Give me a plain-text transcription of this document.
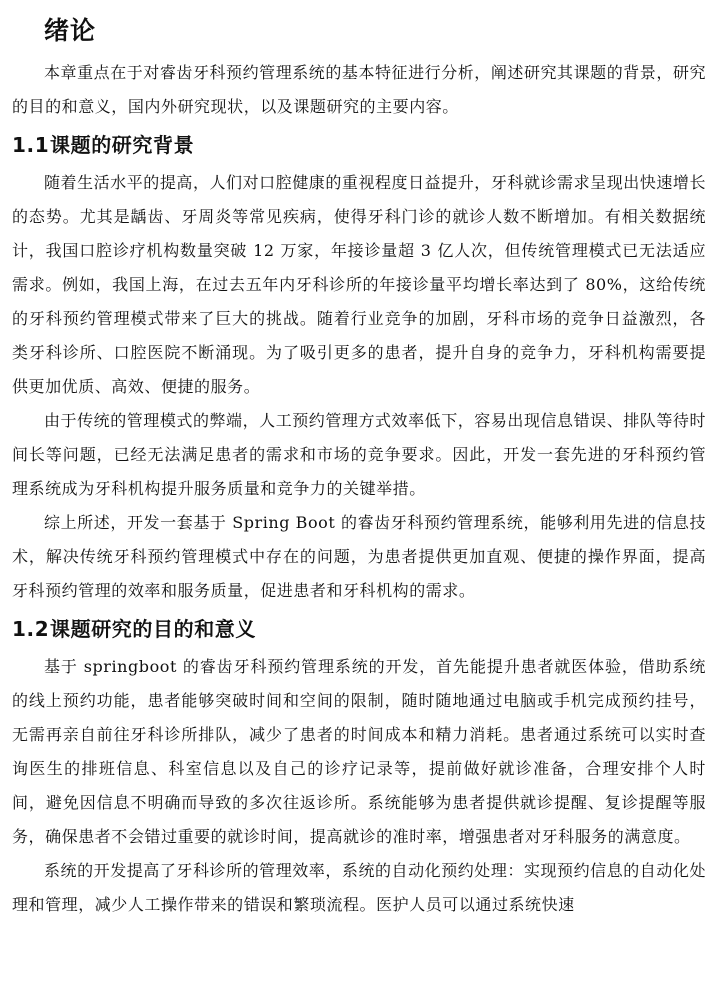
绪论

本章重点在于对睿齿牙科预约管理系统的基本特征进行分析，阐述研究其课题的背景，研究的目的和意义，国内外研究现状，以及课题研究的主要内容。

1.1课题的研究背景

随着生活水平的提高，人们对口腔健康的重视程度日益提升，牙科就诊需求呈现出快速增长的态势。尤其是龋齿、牙周炎等常见疾病，使得牙科门诊的就诊人数不断增加。有相关数据统计，我国口腔诊疗机构数量突破 12 万家，年接诊量超 3 亿人次，但传统管理模式已无法适应需求。例如，我国上海，在过去五年内牙科诊所的年接诊量平均增长率达到了 80%，这给传统的牙科预约管理模式带来了巨大的挑战。随着行业竞争的加剧，牙科市场的竞争日益激烈，各类牙科诊所、口腔医院不断涌现。为了吸引更多的患者，提升自身的竞争力，牙科机构需要提供更加优质、高效、便捷的服务。

由于传统的管理模式的弊端，人工预约管理方式效率低下，容易出现信息错误、排队等待时间长等问题，已经无法满足患者的需求和市场的竞争要求。因此，开发一套先进的牙科预约管理系统成为牙科机构提升服务质量和竞争力的关键举措。

综上所述，开发一套基于 Spring Boot 的睿齿牙科预约管理系统，能够利用先进的信息技术，解决传统牙科预约管理模式中存在的问题，为患者提供更加直观、便捷的操作界面，提高牙科预约管理的效率和服务质量，促进患者和牙科机构的需求。

1.2课题研究的目的和意义

基于 springboot 的睿齿牙科预约管理系统的开发，首先能提升患者就医体验，借助系统的线上预约功能，患者能够突破时间和空间的限制，随时随地通过电脑或手机完成预约挂号，无需再亲自前往牙科诊所排队，减少了患者的时间成本和精力消耗。患者通过系统可以实时查询医生的排班信息、科室信息以及自己的诊疗记录等，提前做好就诊准备，合理安排个人时间，避免因信息不明确而导致的多次往返诊所。系统能够为患者提供就诊提醒、复诊提醒等服务，确保患者不会错过重要的就诊时间，提高就诊的准时率，增强患者对牙科服务的满意度。

系统的开发提高了牙科诊所的管理效率，系统的自动化预约处理：实现预约信息的自动化处理和管理，减少人工操作带来的错误和繁琐流程。医护人员可以通过系统快速
